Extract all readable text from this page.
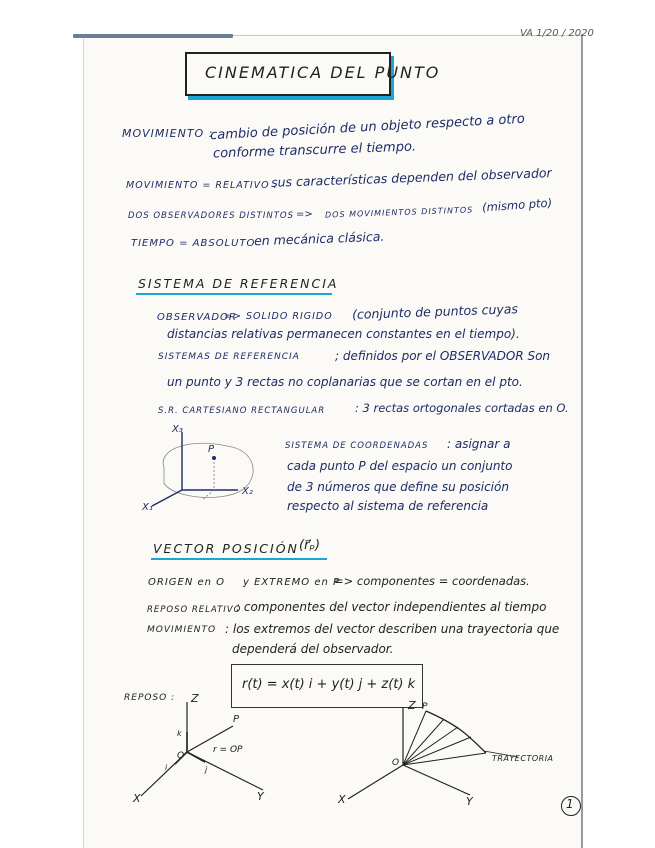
VA 1/20 / 2020
CINEMATICA DEL PUNTO
MOVIMIENTO :
cambio de posición de un objeto respecto a otro
conforme transcurre el tiempo.
MOVIMIENTO = RELATIVO :
sus características dependen del observador
DOS OBSERVADORES DISTINTOS => DOS MOVIMIENTOS DISTINTOS (mismo pto)
TIEMPO = ABSOLUTO
en mecánica clásica.
SISTEMA DE REFERENCIA
OBSERVADOR
=> SOLIDO RIGIDO (conjunto de puntos cuyas
distancias relativas permanecen constantes en el tiempo).
SISTEMAS DE REFERENCIA	; definidos por el OBSERVADOR Son
un punto y 3 rectas no coplanarias que se cortan en el pto.
S.R. CARTESIANO RECTANGULAR	: 3 rectas ortogonales cortadas en O.
P
X₃
X₂
X₁
SISTEMA DE COORDENADAS : asignar a
cada punto P del espacio un conjunto
de 3 números que define su posición
respecto al sistema de referencia
VECTOR POSICIÓN (r⃗ₚ)
ORIGEN en O y EXTREMO en P
=> componentes = coordenadas.
REPOSO RELATIVO
: componentes del vector independientes al tiempo
MOVIMIENTO : los extremos del vector describen una trayectoria que
dependerá del observador.
r(t) = x(t) i + y(t) j + z(t) k
REPOSO : Z
X	Y
O
P
r = OP
k
i	j
Z
X	Y
O
P
TRAYECTORIA
1
